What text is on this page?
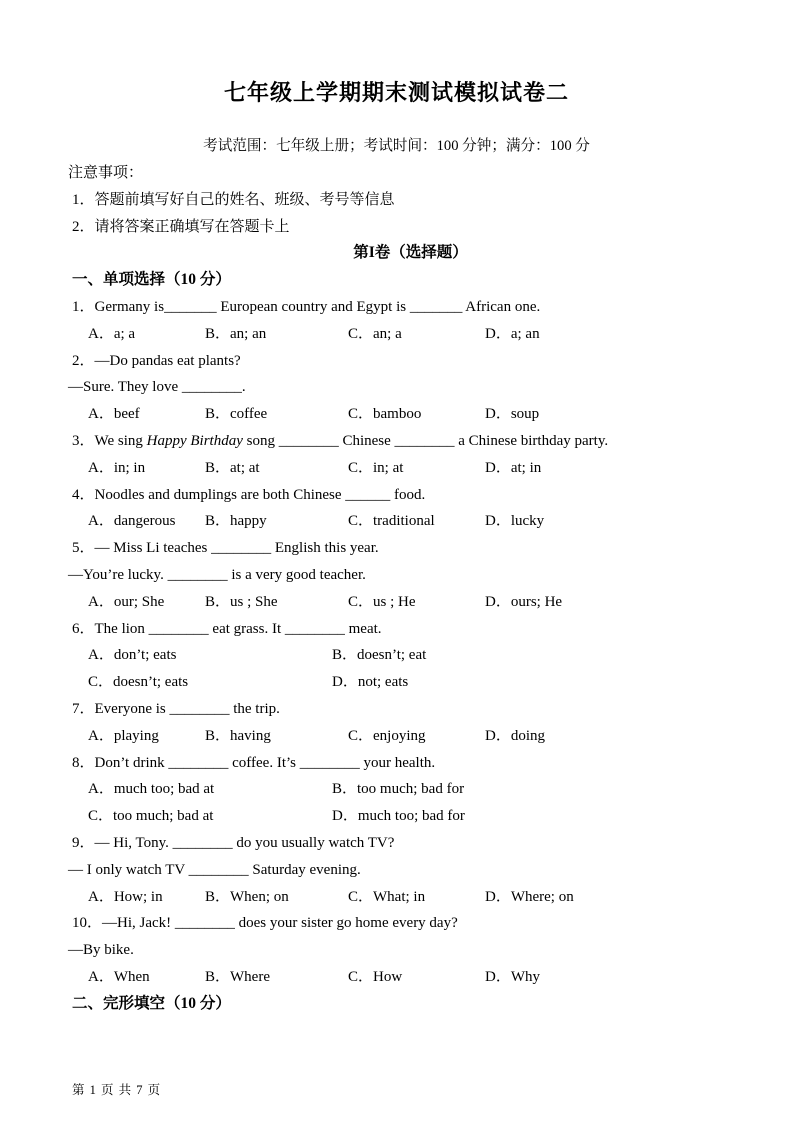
七年级上学期期末测试模拟试卷二
考试范围：七年级上册；考试时间：100 分钟；满分：100 分
注意事项：
1．答题前填写好自己的姓名、班级、考号等信息
2．请将答案正确填写在答题卡上
第I卷（选择题）
一、单项选择（10 分）
1．Germany is_______ European country and Egypt is _______ African one.
A．a; a	B．an; an	C．an; a	D．a; an
2．—Do pandas eat plants?
—Sure. They love ________.
A．beef	B．coffee	C．bamboo	D．soup
3．We sing Happy Birthday song ________ Chinese ________ a Chinese birthday party.
A．in; in	B．at; at	C．in; at	D．at; in
4．Noodles and dumplings are both Chinese ______ food.
A．dangerous	B．happy	C．traditional	D．lucky
5．— Miss Li teaches ________ English this year.
—You’re lucky. ________ is a very good teacher.
A．our; She	B．us ; She	C．us ; He	D．ours; He
6．The lion ________ eat grass. It ________ meat.
A．don’t; eats	B．doesn’t; eat
C．doesn’t; eats	D．not; eats
7．Everyone is ________ the trip.
A．playing	B．having	C．enjoying	D．doing
8．Don’t drink ________ coffee. It’s ________ your health.
A．much too; bad at	B．too much; bad for
C．too much; bad at	D．much too; bad for
9．— Hi, Tony. ________ do you usually watch TV?
— I only watch TV ________ Saturday evening.
A．How; in	B．When; on	C．What; in	D．Where; on
10．—Hi, Jack! ________ does your sister go home every day?
—By bike.
A．When	B．Where	C．How	D．Why
二、完形填空（10 分）
第 1 页 共 7 页
